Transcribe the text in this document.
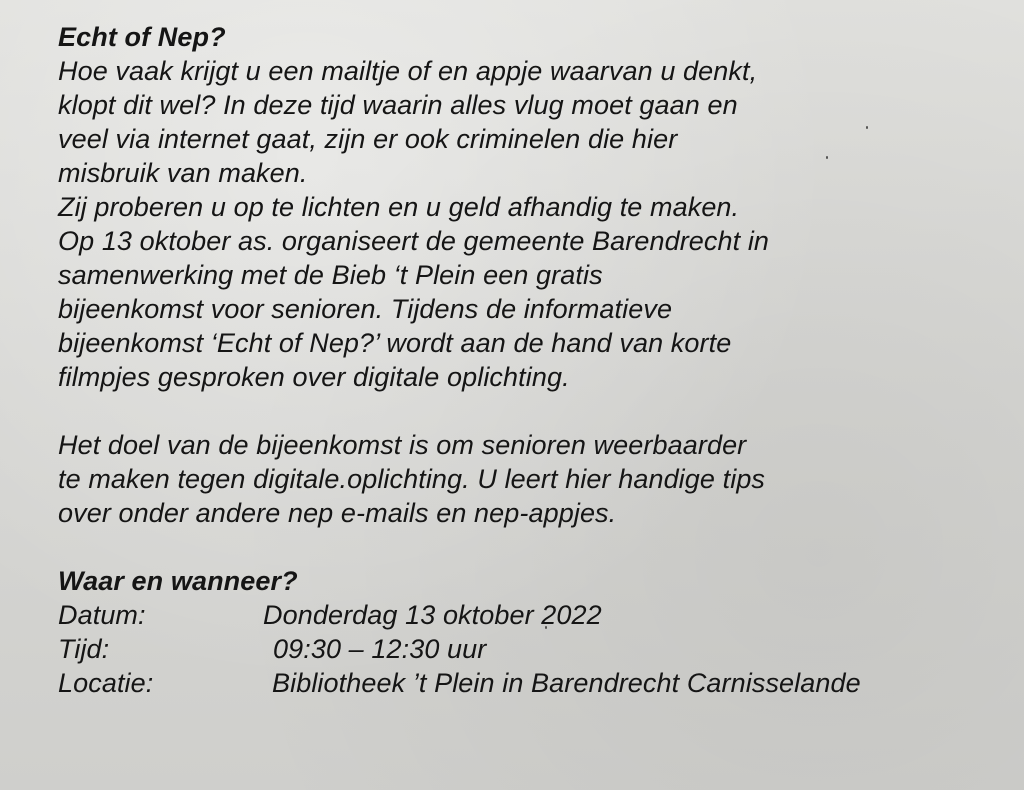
Echt of Nep?
Hoe vaak krijgt u een mailtje of en appje waarvan u denkt,
klopt dit wel? In deze tijd waarin alles vlug moet gaan en
veel via internet gaat, zijn er ook criminelen die hier
misbruik van maken.
Zij proberen u op te lichten en u geld afhandig te maken.
Op 13 oktober as. organiseert de gemeente Barendrecht in
samenwerking met de Bieb ‘t Plein een gratis
bijeenkomst voor senioren. Tijdens de informatieve
bijeenkomst ‘Echt of Nep?’ wordt aan de hand van korte
filmpjes gesproken over digitale oplichting.
Het doel van de bijeenkomst is om senioren weerbaarder
te maken tegen digitale.oplichting. U leert hier handige tips
over onder andere nep e-mails en nep-appjes.
Waar en wanneer?
Datum:	Donderdag 13 oktober 2022
Tijd:	09:30 – 12:30 uur
Locatie:	Bibliotheek ’t Plein in Barendrecht Carnisselande
